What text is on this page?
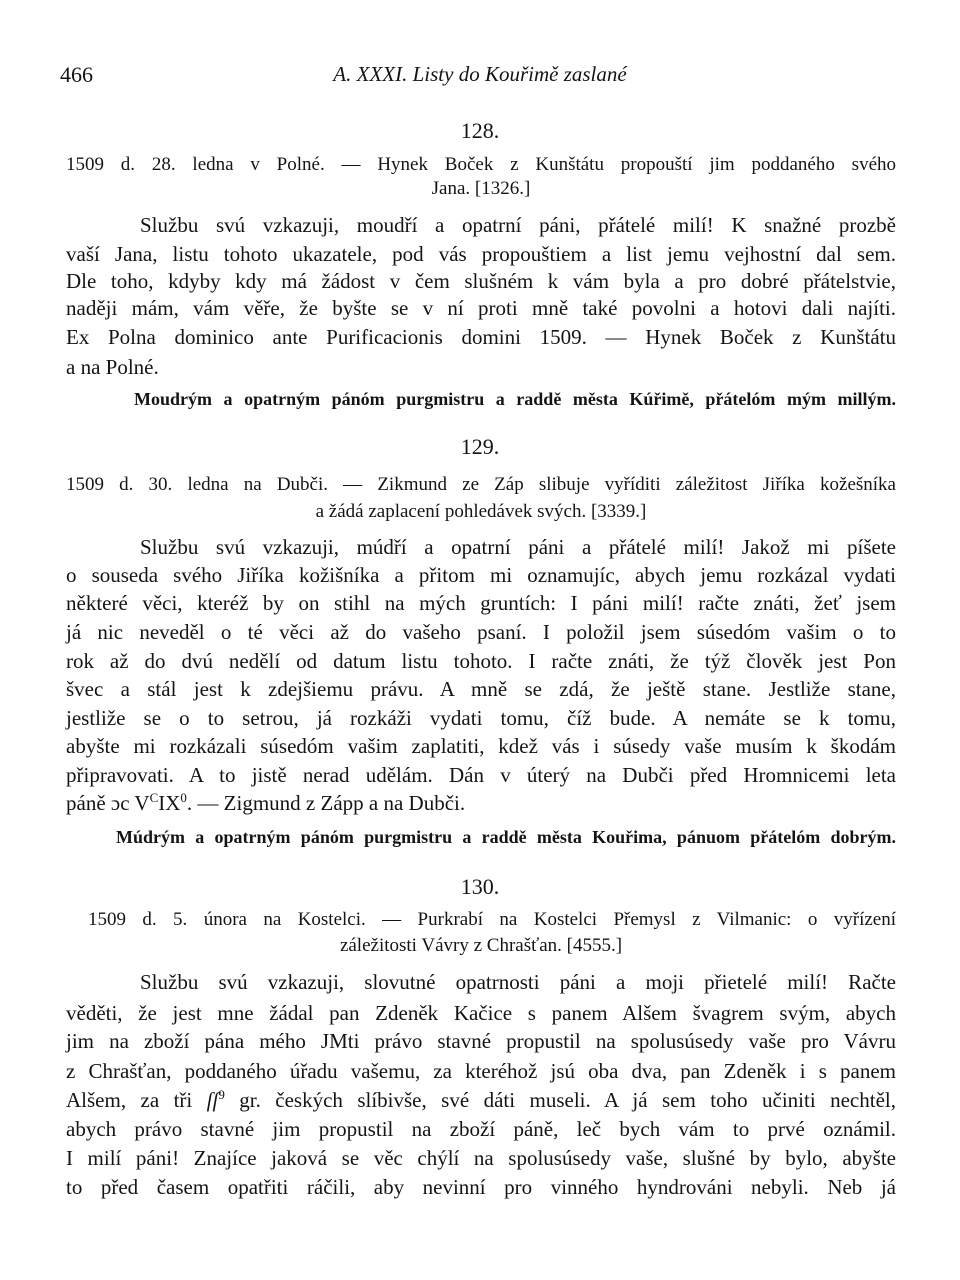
466	A. XXXI. Listy do Kouřimě zaslané
128.
1509 d. 28. ledna v Polné. — Hynek Boček z Kunštátu propouští jim poddaného svého
Jana. [1326.]
Službu svú vzkazuji, moudří a opatrní páni, přátelé milí! K snažné prozbě
vaší Jana, listu tohoto ukazatele, pod vás propouštiem a list jemu vejhostní dal sem.
Dle toho, kdyby kdy má žádost v čem slušném k vám byla a pro dobré přátelstvie,
naději mám, vám věře, že byšte se v ní proti mně také povolni a hotovi dali najíti.
Ex Polna dominico ante Purificacionis domini 1509. — Hynek Boček z Kunštátu
a na Polné.
Moudrým a opatrným pánóm purgmistru a raddě města Kúřimě, přátelóm mým millým.
129.
1509 d. 30. ledna na Dubči. — Zikmund ze Záp slibuje vyříditi záležitost Jiříka kožešníka
a žádá zaplacení pohledávek svých. [3339.]
Službu svú vzkazuji, múdří a opatrní páni a přátelé milí! Jakož mi píšete
o souseda svého Jiříka kožišníka a přitom mi oznamujíc, abych jemu rozkázal vydati
některé věci, kteréž by on stihl na mých gruntích: I páni milí! račte znáti, žeť jsem
já nic neveděl o té věci až do vašeho psaní. I položil jsem súsedóm vašim o to
rok až do dvú nedělí od datum listu tohoto. I račte znáti, že týž člověk jest Pon
švec a stál jest k zdejšiemu právu. A mně se zdá, že ještě stane. Jestliže stane,
jestliže se o to setrou, já rozkáži vydati tomu, číž bude. A nemáte se k tomu,
abyšte mi rozkázali súsedóm vašim zaplatiti, kdež vás i súsedy vaše musím k škodám
připravovati. A to jistě nerad udělám. Dán v úterý na Dubči před Hromnicemi leta
páně ɔc $V^CIX^0$. — Zigmund z Zápp a na Dubči.
Múdrým a opatrným pánóm purgmistru a raddě města Kouřima, pánuom přátelóm dobrým.
130.
1509 d. 5. února na Kostelci. — Purkrabí na Kostelci Přemysl z Vilmanic: o vyřízení
záležitosti Vávry z Chrašťan. [4555.]
Službu svú vzkazuji, slovutné opatrnosti páni a moji přietelé milí! Račte
věděti, že jest mne žádal pan Zdeněk Kačice s panem Alšem švagrem svým, abych
jim na zboží pána mého JMti právo stavné propustil na spolusúsedy vaše pro Vávru
z Chrašťan, poddaného úřadu vašemu, za kteréhož jsú oba dva, pan Zdeněk i s panem
Alšem, za tři $ſſ^9$ gr. českých slíbivše, své dáti museli. A já sem toho učiniti nechtěl,
abych právo stavné jim propustil na zboží páně, leč bych vám to prvé oznámil.
I milí páni! Znajíce jaková se věc chýlí na spolusúsedy vaše, slušné by bylo, abyšte
to před časem opatřiti ráčili, aby nevinní pro vinného hyndrováni nebyli. Neb já
